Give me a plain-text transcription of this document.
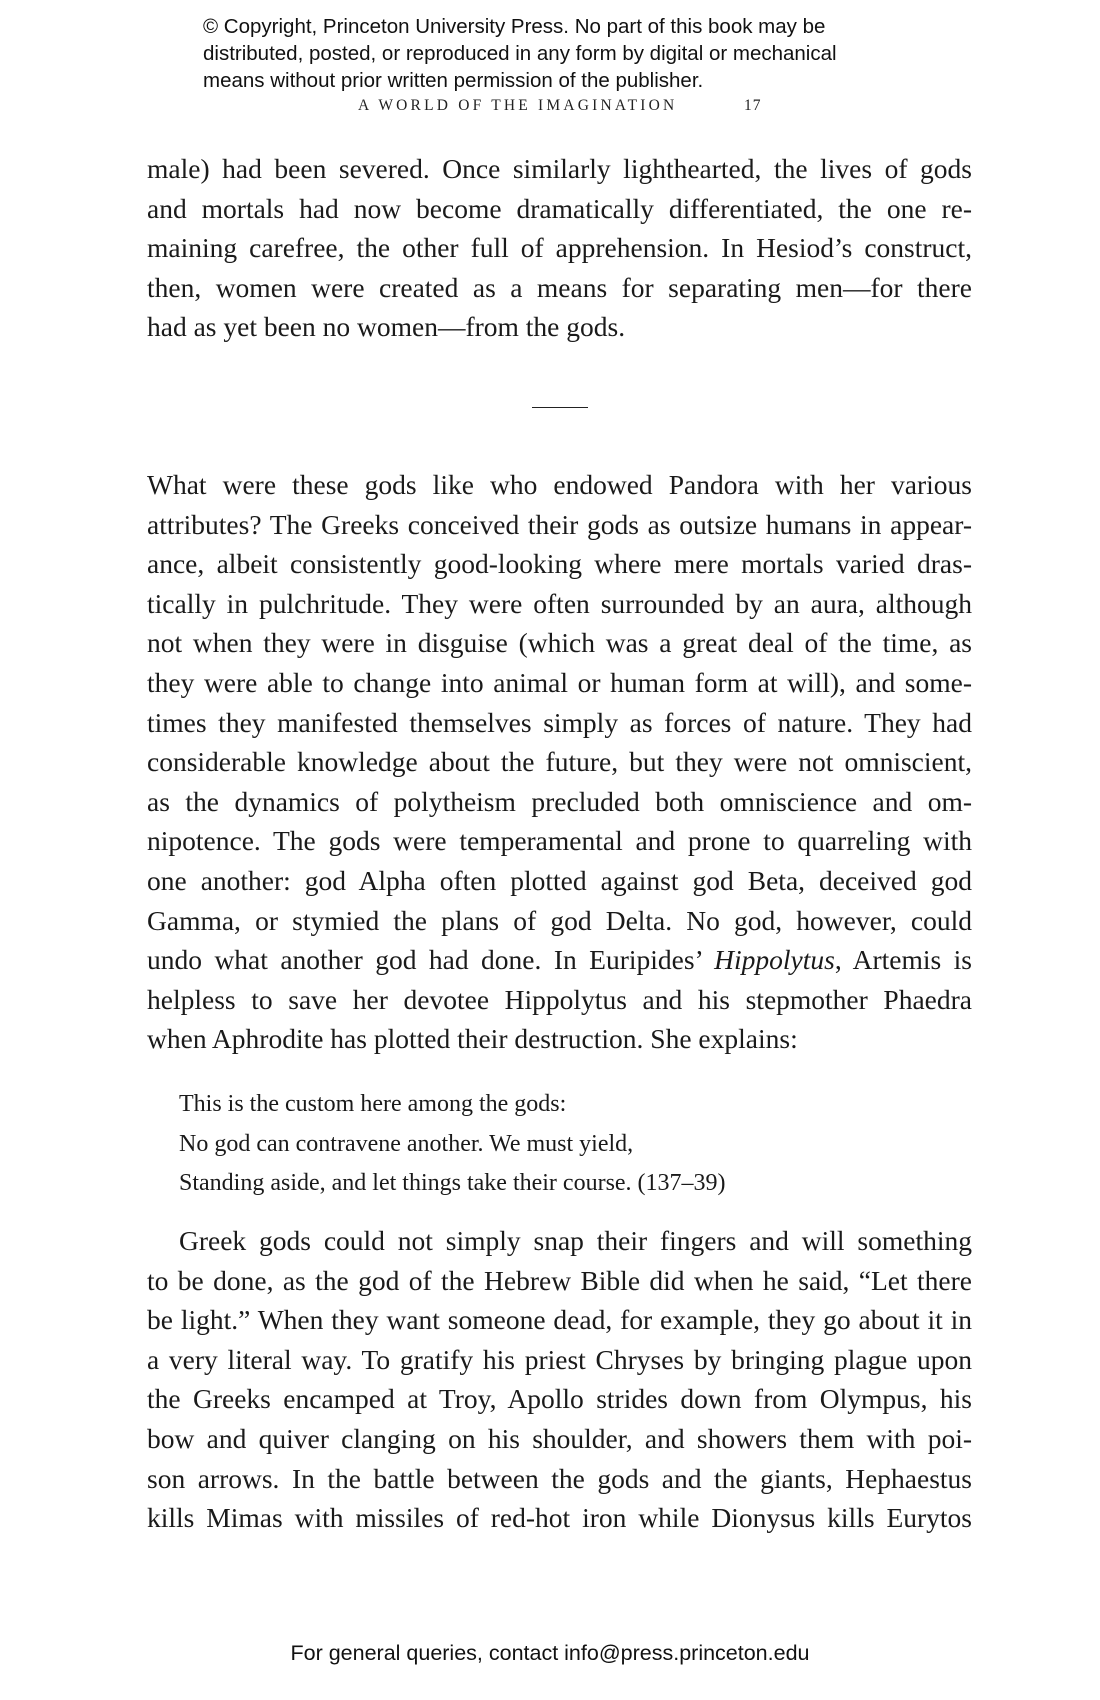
© Copyright, Princeton University Press. No part of this book may be
distributed, posted, or reproduced in any form by digital or mechanical
means without prior written permission of the publisher.
A WORLD OF THE IMAGINATION	17
male) had been severed. Once similarly lighthearted, the lives of gods
and mortals had now become dramatically differentiated, the one re-
maining carefree, the other full of apprehension. In Hesiod’s construct,
then, women were created as a means for separating men—for there
had as yet been no women—from the gods.
What were these gods like who endowed Pandora with her various
attributes? The Greeks conceived their gods as outsize humans in appear-
ance, albeit consistently good-looking where mere mortals varied dras-
tically in pulchritude. They were often surrounded by an aura, although
not when they were in disguise (which was a great deal of the time, as
they were able to change into animal or human form at will), and some-
times they manifested themselves simply as forces of nature. They had
considerable knowledge about the future, but they were not omniscient,
as the dynamics of polytheism precluded both omniscience and om-
nipotence. The gods were temperamental and prone to quarreling with
one another: god Alpha often plotted against god Beta, deceived god
Gamma, or stymied the plans of god Delta. No god, however, could
undo what another god had done. In Euripides’ Hippolytus, Artemis is
helpless to save her devotee Hippolytus and his stepmother Phaedra
when Aphrodite has plotted their destruction. She explains:
This is the custom here among the gods:
No god can contravene another. We must yield,
Standing aside, and let things take their course. (137–39)
Greek gods could not simply snap their fingers and will something
to be done, as the god of the Hebrew Bible did when he said, “Let there
be light.” When they want someone dead, for example, they go about it in
a very literal way. To gratify his priest Chryses by bringing plague upon
the Greeks encamped at Troy, Apollo strides down from Olympus, his
bow and quiver clanging on his shoulder, and showers them with poi-
son arrows. In the battle between the gods and the giants, Hephaestus
kills Mimas with missiles of red-hot iron while Dionysus kills Eurytos
For general queries, contact info@press.princeton.edu
